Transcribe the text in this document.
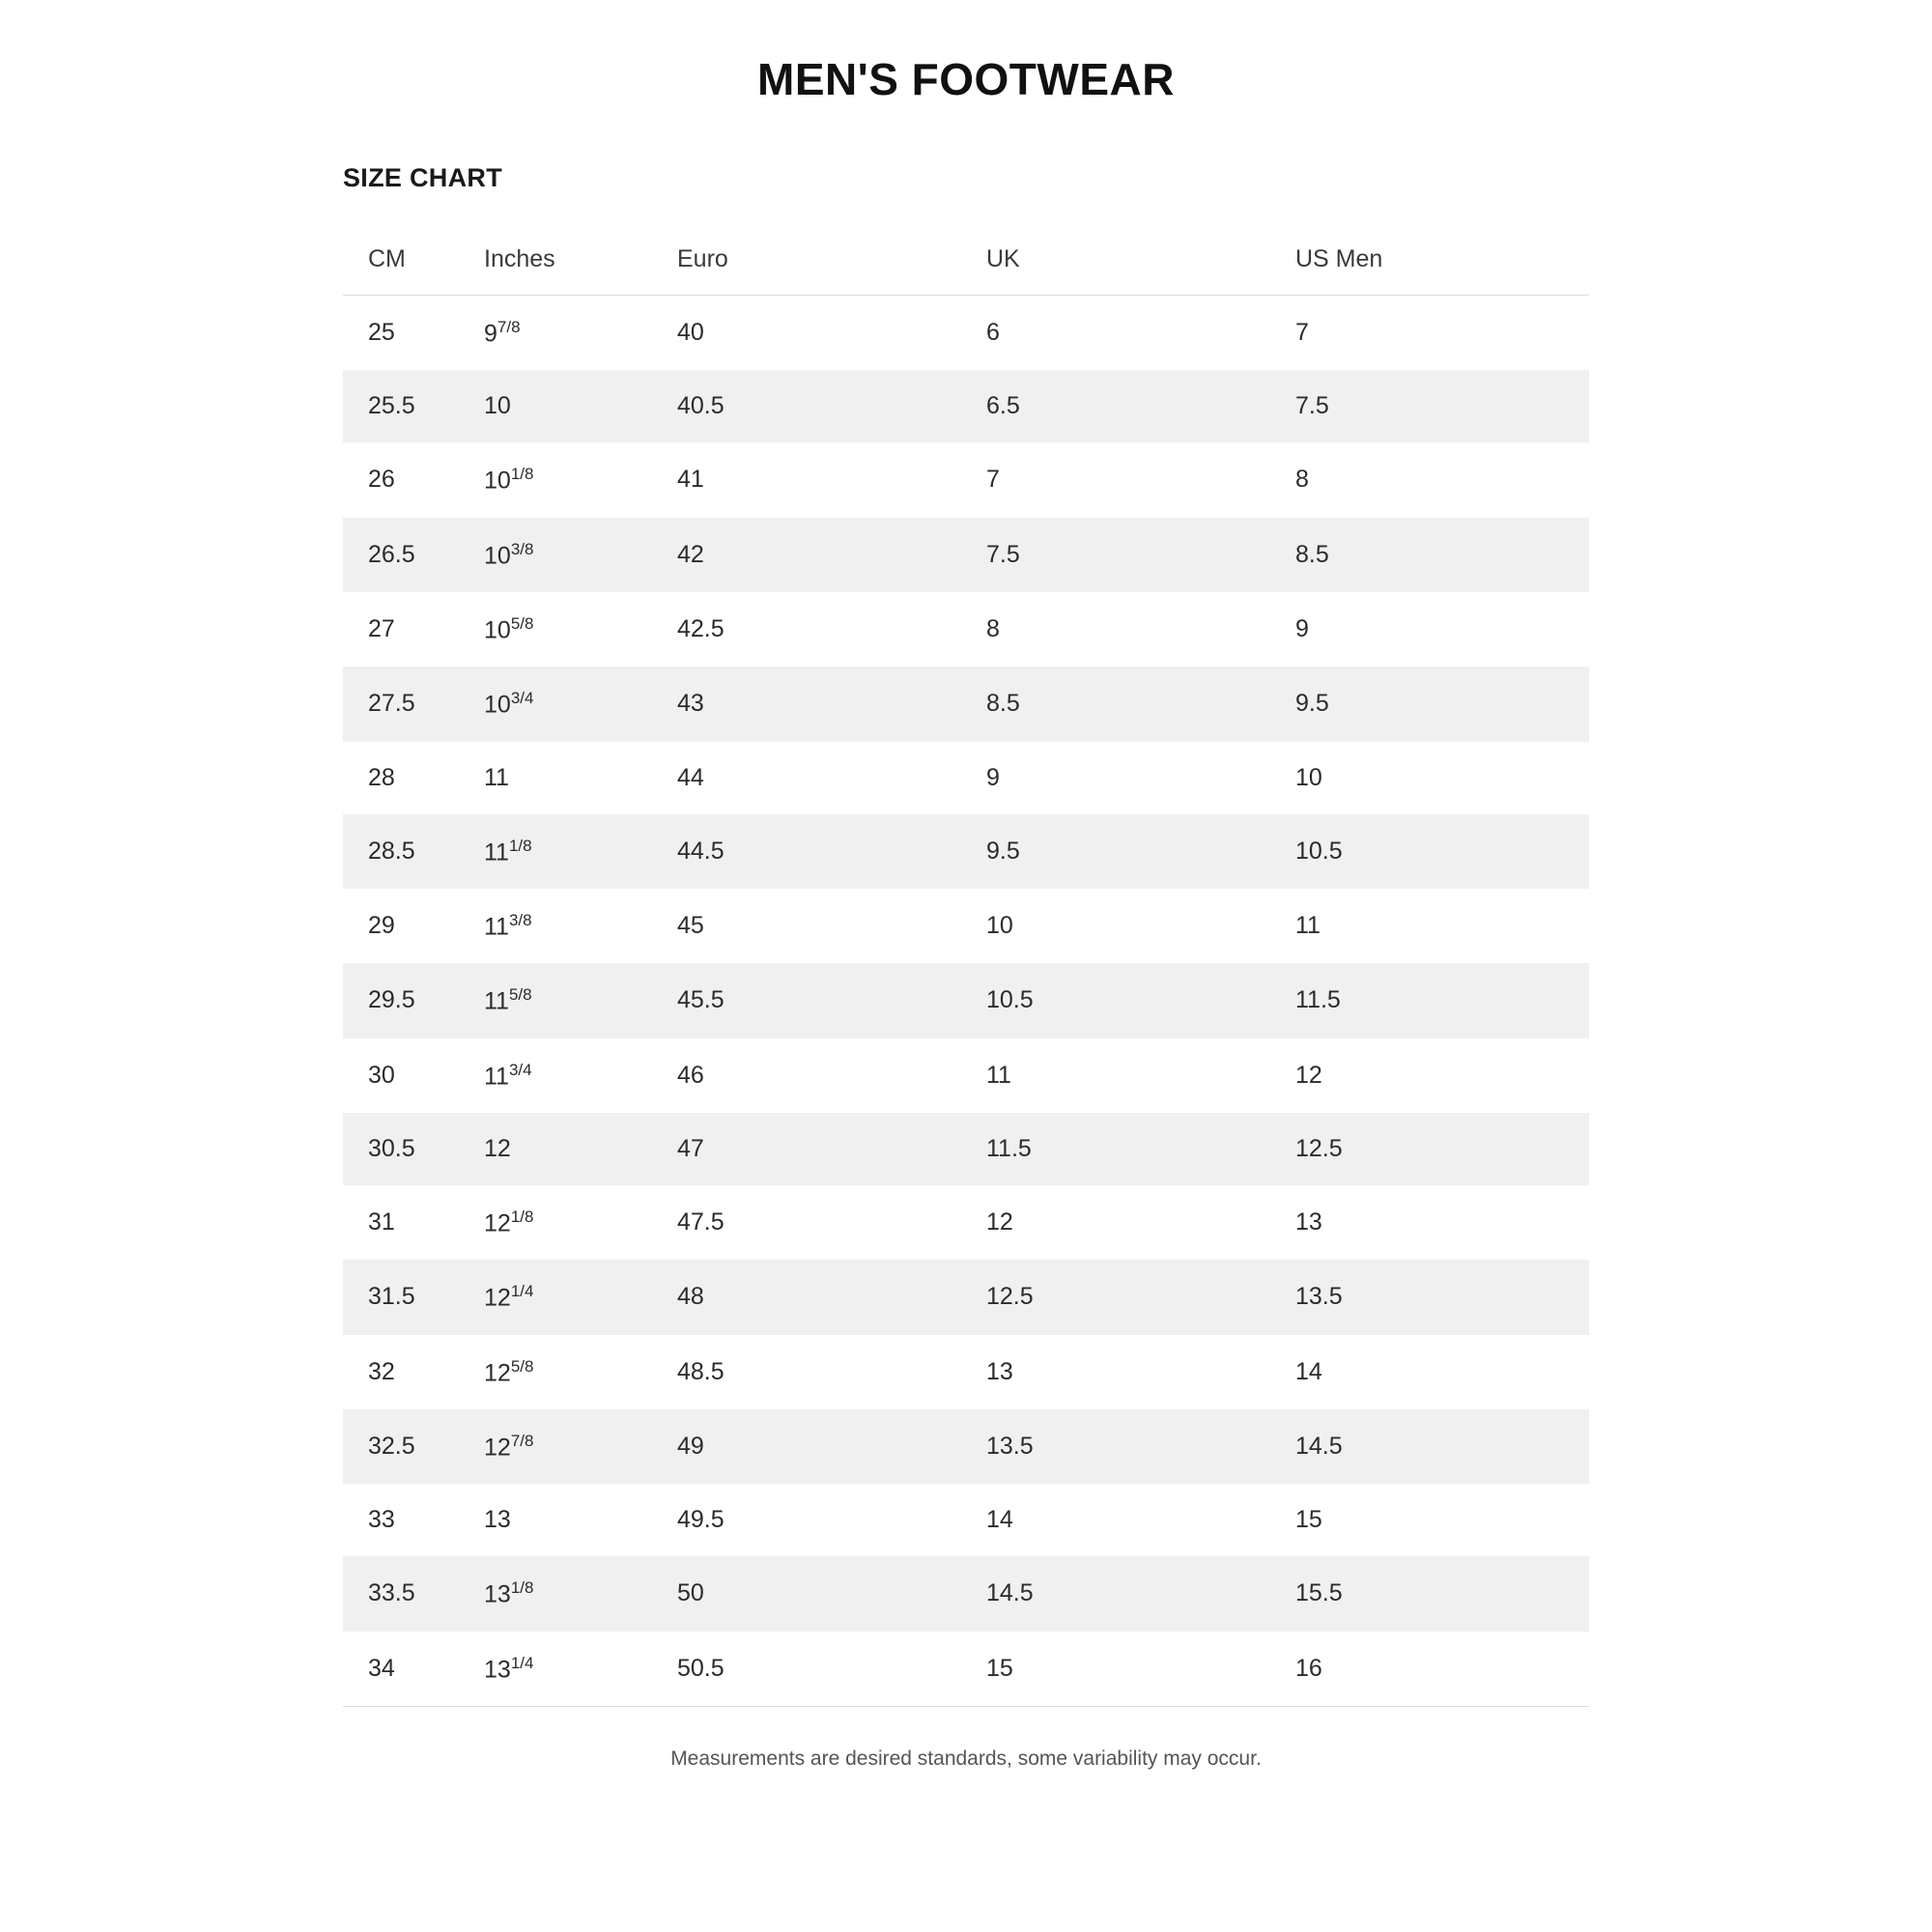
MEN'S FOOTWEAR
SIZE CHART
CM	Inches	Euro	UK	US Men
25	$9^{7/8}$	40	6	7
25.5	10	40.5	6.5	7.5
26	$10^{1/8}$	41	7	8
26.5	$10^{3/8}$	42	7.5	8.5
27	$10^{5/8}$	42.5	8	9
27.5	$10^{3/4}$	43	8.5	9.5
28	11	44	9	10
28.5	$11^{1/8}$	44.5	9.5	10.5
29	$11^{3/8}$	45	10	11
29.5	$11^{5/8}$	45.5	10.5	11.5
30	$11^{3/4}$	46	11	12
30.5	12	47	11.5	12.5
31	$12^{1/8}$	47.5	12	13
31.5	$12^{1/4}$	48	12.5	13.5
32	$12^{5/8}$	48.5	13	14
32.5	$12^{7/8}$	49	13.5	14.5
33	13	49.5	14	15
33.5	$13^{1/8}$	50	14.5	15.5
34	$13^{1/4}$	50.5	15	16
Measurements are desired standards, some variability may occur.
